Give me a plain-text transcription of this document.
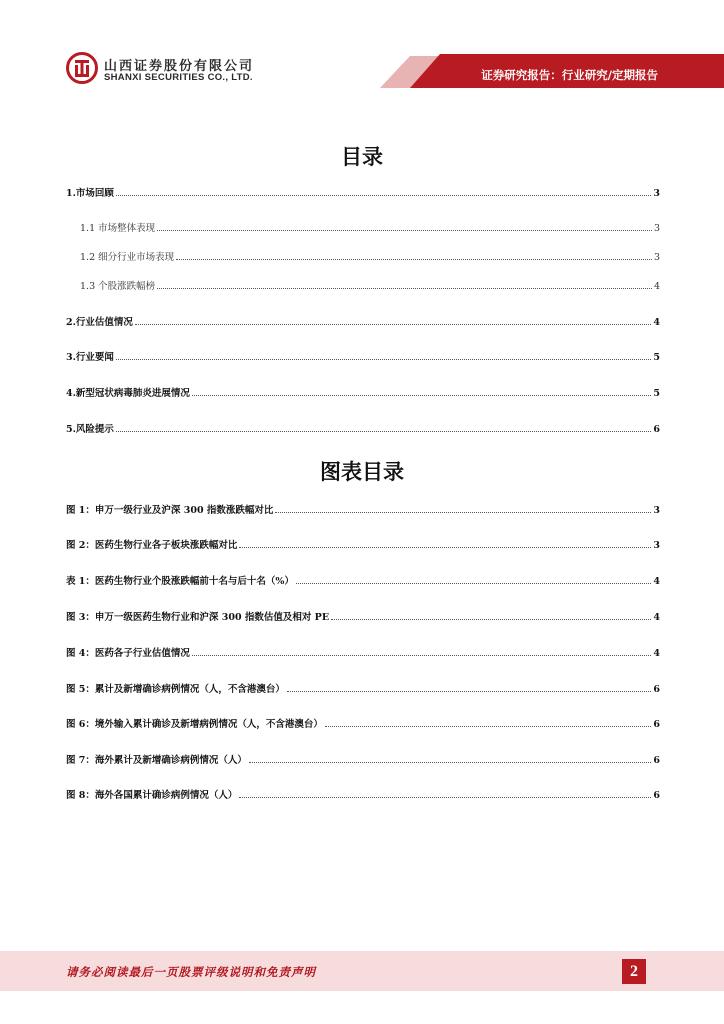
山西证券股份有限公司
SHANXI SECURITIES CO., LTD.	证券研究报告：行业研究/定期报告
目录
1.市场回顾	3
1.1 市场整体表现	3
1.2 细分行业市场表现	3
1.3 个股涨跌幅榜	4
2.行业估值情况	4
3.行业要闻	5
4.新型冠状病毒肺炎进展情况	5
5.风险提示	6
图表目录
图 1：申万一级行业及沪深 300 指数涨跌幅对比	3
图 2：医药生物行业各子板块涨跌幅对比	3
表 1：医药生物行业个股涨跌幅前十名与后十名（%）	4
图 3：申万一级医药生物行业和沪深 300 指数估值及相对 PE	4
图 4：医药各子行业估值情况	4
图 5：累计及新增确诊病例情况（人，不含港澳台）	6
图 6：境外输入累计确诊及新增病例情况（人，不含港澳台）	6
图 7：海外累计及新增确诊病例情况（人）	6
图 8：海外各国累计确诊病例情况（人）	6
请务必阅读最后一页股票评级说明和免责声明	2
